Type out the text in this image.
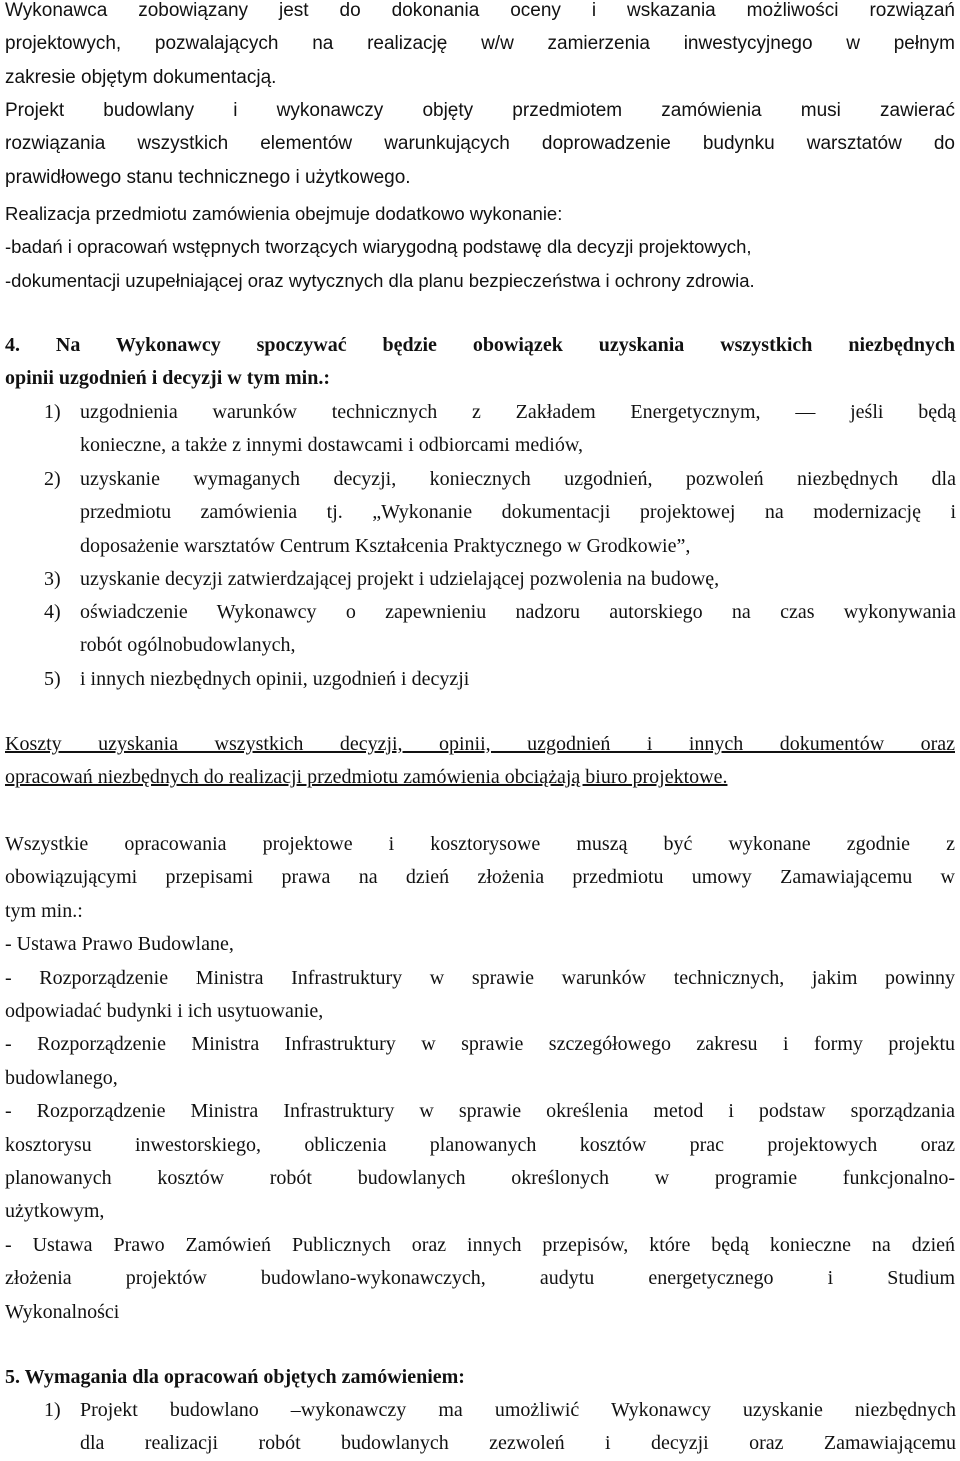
Wykonawca zobowiązany jest do dokonania oceny i wskazania możliwości rozwiązań
projektowych, pozwalających na realizację w/w zamierzenia inwestycyjnego w pełnym
zakresie objętym dokumentacją.
Projekt budowlany i wykonawczy objęty przedmiotem zamówienia musi zawierać
rozwiązania wszystkich elementów warunkujących doprowadzenie budynku warsztatów do
prawidłowego stanu technicznego i użytkowego.
Realizacja przedmiotu zamówienia obejmuje dodatkowo wykonanie:
-badań i opracowań wstępnych tworzących wiarygodną podstawę dla decyzji projektowych,
-dokumentacji uzupełniającej oraz wytycznych dla planu bezpieczeństwa i ochrony zdrowia.
4. Na Wykonawcy spoczywać będzie obowiązek uzyskania wszystkich niezbędnych
opinii uzgodnień i decyzji w tym min.:
1) uzgodnienia warunków technicznych z Zakładem Energetycznym, — jeśli będą
konieczne, a także z innymi dostawcami i odbiorcami mediów,
2) uzyskanie wymaganych decyzji, koniecznych uzgodnień, pozwoleń niezbędnych dla
przedmiotu zamówienia tj. „Wykonanie dokumentacji projektowej na modernizację i
doposażenie warsztatów Centrum Kształcenia Praktycznego w Grodkowie”,
3) uzyskanie decyzji zatwierdzającej projekt i udzielającej pozwolenia na budowę,
4) oświadczenie Wykonawcy o zapewnieniu nadzoru autorskiego na czas wykonywania
robót ogólnobudowlanych,
5) i innych niezbędnych opinii, uzgodnień i decyzji
Koszty uzyskania wszystkich decyzji, opinii, uzgodnień i innych dokumentów oraz
opracowań niezbędnych do realizacji przedmiotu zamówienia obciążają biuro projektowe.
Wszystkie opracowania projektowe i kosztorysowe muszą być wykonane zgodnie z
obowiązującymi przepisami prawa na dzień złożenia przedmiotu umowy Zamawiającemu w
tym min.:
- Ustawa Prawo Budowlane,
- Rozporządzenie Ministra Infrastruktury w sprawie warunków technicznych, jakim powinny
odpowiadać budynki i ich usytuowanie,
- Rozporządzenie Ministra Infrastruktury w sprawie szczegółowego zakresu i formy projektu
budowlanego,
- Rozporządzenie Ministra Infrastruktury w sprawie określenia metod i podstaw sporządzania
kosztorysu inwestorskiego, obliczenia planowanych kosztów prac projektowych oraz
planowanych kosztów robót budowlanych określonych w programie funkcjonalno-
użytkowym,
- Ustawa Prawo Zamówień Publicznych oraz innych przepisów, które będą konieczne na dzień
złożenia projektów budowlano-wykonawczych, audytu energetycznego i Studium
Wykonalności
5. Wymagania dla opracowań objętych zamówieniem:
1) Projekt budowlano –wykonawczy ma umożliwić Wykonawcy uzyskanie niezbędnych
dla realizacji robót budowlanych zezwoleń i decyzji oraz Zamawiającemu
